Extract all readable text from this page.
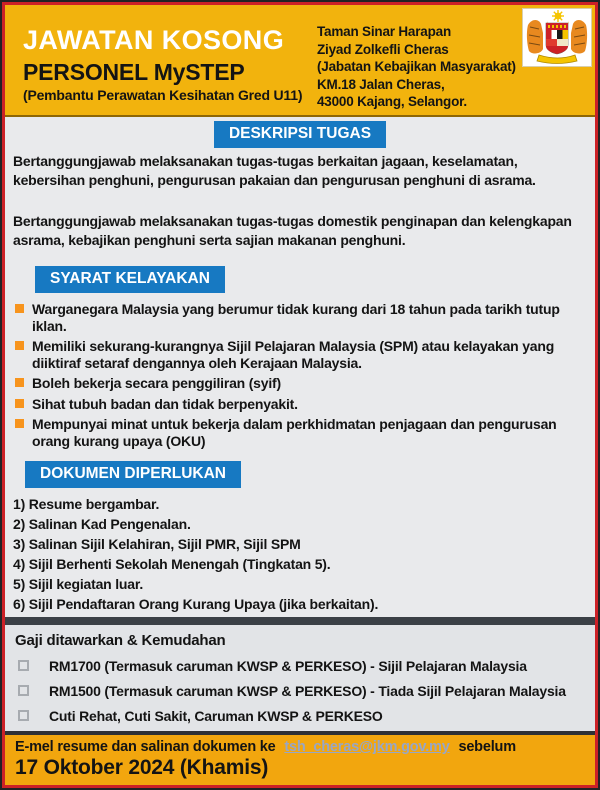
JAWATAN KOSONG
PERSONEL MySTEP
(Pembantu Perawatan Kesihatan Gred U11)
Taman Sinar Harapan
Ziyad Zolkefli Cheras
(Jabatan Kebajikan Masyarakat)
KM.18 Jalan Cheras,
43000 Kajang, Selangor.
DESKRIPSI TUGAS
Bertanggungjawab melaksanakan tugas-tugas berkaitan jagaan, keselamatan, kebersihan penghuni, pengurusan pakaian dan pengurusan penghuni di asrama.
Bertanggungjawab melaksanakan tugas-tugas domestik penginapan dan kelengkapan asrama, kebajikan penghuni serta sajian makanan penghuni.
SYARAT KELAYAKAN
Warganegara Malaysia yang berumur tidak kurang dari 18 tahun pada tarikh tutup iklan.
Memiliki sekurang-kurangnya Sijil Pelajaran Malaysia (SPM) atau kelayakan yang diiktiraf setaraf dengannya oleh Kerajaan Malaysia.
Boleh bekerja secara penggiliran (syif)
Sihat tubuh badan dan tidak berpenyakit.
Mempunyai minat untuk bekerja dalam perkhidmatan penjagaan dan pengurusan orang kurang upaya (OKU)
DOKUMEN DIPERLUKAN
1) Resume bergambar.
2) Salinan Kad Pengenalan.
3) Salinan Sijil Kelahiran, Sijil PMR, Sijil SPM
4) Sijil Berhenti Sekolah Menengah (Tingkatan 5).
5) Sijil kegiatan luar.
6) Sijil Pendaftaran Orang Kurang Upaya (jika berkaitan).
Gaji ditawarkan & Kemudahan
RM1700 (Termasuk caruman KWSP & PERKESO) - Sijil Pelajaran Malaysia
RM1500 (Termasuk caruman KWSP & PERKESO) - Tiada Sijil Pelajaran Malaysia
Cuti Rehat, Cuti Sakit, Caruman KWSP & PERKESO
E-mel resume dan salinan dokumen ke tsh_cheras@jkm.gov.my sebelum
17 Oktober 2024 (Khamis)
